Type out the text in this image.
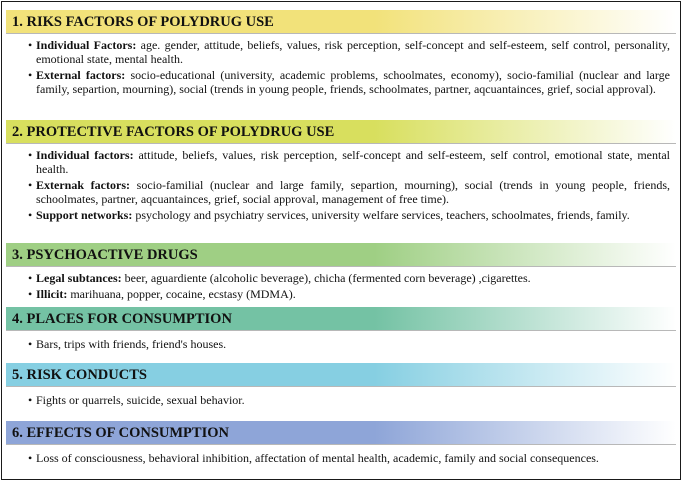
1. RIKS FACTORS OF POLYDRUG USE
• Individual Factors: age. gender, attitude, beliefs, values, risk perception, self-concept and self-esteem, self control, personality, emotional state, mental health.
• External factors: socio-educational (university, academic problems, schoolmates, economy), socio-familial (nuclear and large family, separtion, mourning), social (trends in young people, friends, schoolmates, partner, aqcuantainces, grief, social approval).
2. PROTECTIVE FACTORS OF POLYDRUG USE
• Individual factors: attitude, beliefs, values, risk perception, self-concept and self-esteem, self control, emotional state, mental health.
• Externak factors: socio-familial (nuclear and large family, separtion, mourning), social (trends in young people, friends, schoolmates, partner, aqcuantainces, grief, social approval, management of free time).
• Support networks: psychology and psychiatry services, university welfare services, teachers, schoolmates, friends, family.
3. PSYCHOACTIVE DRUGS
• Legal subtances: beer, aguardiente (alcoholic beverage), chicha (fermented corn beverage) ,cigarettes.
• Illicit: marihuana, popper, cocaine, ecstasy (MDMA).
4. PLACES FOR CONSUMPTION
• Bars, trips with friends, friend's houses.
5. RISK CONDUCTS
• Fights or quarrels, suicide, sexual behavior.
6. EFFECTS OF CONSUMPTION
• Loss of consciousness, behavioral inhibition, affectation of mental health, academic, family and social consequences.
